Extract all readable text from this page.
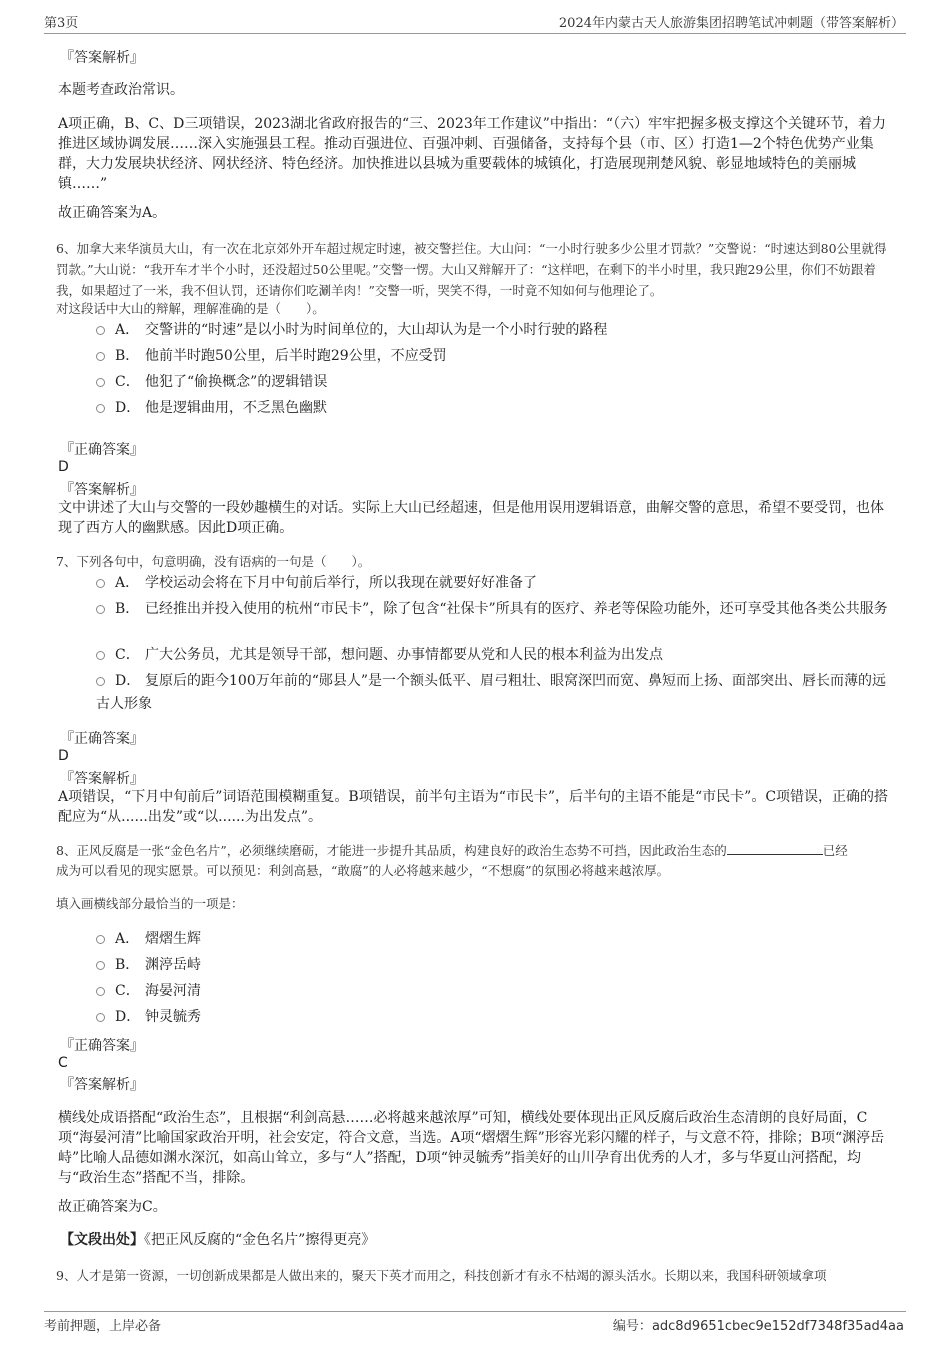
第3页	2024年内蒙古天人旅游集团招聘笔试冲刺题（带答案解析）
『答案解析』
本题考查政治常识。
A项正确，B、C、D三项错误，2023湖北省政府报告的“三、2023年工作建议”中指出：“（六）牢牢把握多极支撑这个关键环节，着力推进区域协调发展……深入实施强县工程。推动百强进位、百强冲刺、百强储备，支持每个县（市、区）打造1—2个特色优势产业集群，大力发展块状经济、网状经济、特色经济。加快推进以县城为重要载体的城镇化，打造展现荆楚风貌、彰显地域特色的美丽城镇……”
故正确答案为A。
6、加拿大来华演员大山，有一次在北京郊外开车超过规定时速，被交警拦住。大山问：“一小时行驶多少公里才罚款？”交警说：“时速达到80公里就得罚款。”大山说：“我开车才半个小时，还没超过50公里呢。”交警一愣。大山又辩解开了：“这样吧，在剩下的半小时里，我只跑29公里，你们不妨跟着我，如果超过了一米，我不但认罚，还请你们吃涮羊肉！”交警一听，哭笑不得，一时竟不知如何与他理论了。
对这段话中大山的辩解，理解准确的是（　　）。
A． 交警讲的“时速”是以小时为时间单位的，大山却认为是一个小时行驶的路程
B． 他前半时跑50公里，后半时跑29公里，不应受罚
C． 他犯了“偷换概念”的逻辑错误
D． 他是逻辑曲用，不乏黑色幽默
『正确答案』
D
『答案解析』
文中讲述了大山与交警的一段妙趣横生的对话。实际上大山已经超速，但是他用误用逻辑语意，曲解交警的意思，希望不要受罚，也体现了西方人的幽默感。因此D项正确。
7、下列各句中，句意明确，没有语病的一句是（　　）。
A． 学校运动会将在下月中旬前后举行，所以我现在就要好好准备了
B． 已经推出并投入使用的杭州“市民卡”，除了包含“社保卡”所具有的医疗、养老等保险功能外，还可享受其他各类公共服务
C． 广大公务员，尤其是领导干部，想问题、办事情都要从党和人民的根本利益为出发点
D． 复原后的距今100万年前的“郧县人”是一个额头低平、眉弓粗壮、眼窝深凹而宽、鼻短而上扬、面部突出、唇长而薄的远古人形象
『正确答案』
D
『答案解析』
A项错误，“下月中旬前后”词语范围模糊重复。B项错误，前半句主语为“市民卡”，后半句的主语不能是“市民卡”。C项错误，正确的搭配应为“从......出发”或“以......为出发点”。
8、正风反腐是一张“金色名片”，必须继续磨砺，才能进一步提升其品质，构建良好的政治生态势不可挡，因此政治生态的	已经
成为可以看见的现实愿景。可以预见：利剑高悬，“敢腐”的人必将越来越少，“不想腐”的氛围必将越来越浓厚。
填入画横线部分最恰当的一项是：
A． 熠熠生辉
B． 渊渟岳峙
C． 海晏河清
D． 钟灵毓秀
『正确答案』
C
『答案解析』
横线处成语搭配“政治生态”，且根据“利剑高悬……必将越来越浓厚”可知，横线处要体现出正风反腐后政治生态清朗的良好局面，C项“海晏河清”比喻国家政治开明，社会安定，符合文意，当选。A项“熠熠生辉”形容光彩闪耀的样子，与文意不符，排除；B项“渊渟岳峙”比喻人品德如渊水深沉，如高山耸立，多与“人”搭配，D项“钟灵毓秀”指美好的山川孕育出优秀的人才，多与华夏山河搭配，均与“政治生态”搭配不当，排除。
故正确答案为C。
【文段出处】《把正风反腐的“金色名片”擦得更亮》
9、人才是第一资源，一切创新成果都是人做出来的，聚天下英才而用之，科技创新才有永不枯竭的源头活水。长期以来，我国科研领域拿项
考前押题，上岸必备	编号：adc8d9651cbec9e152df7348f35ad4aa
